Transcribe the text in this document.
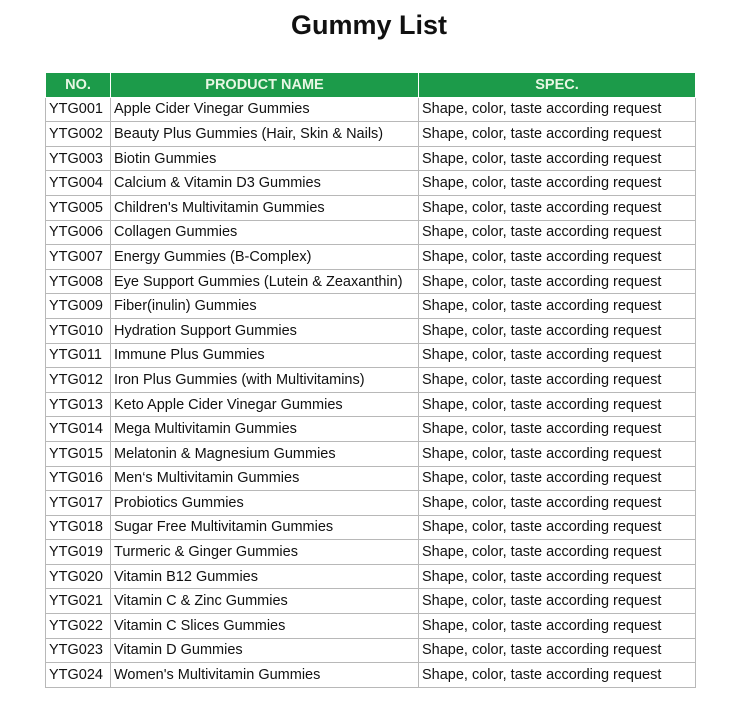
Gummy List
NO.	PRODUCT NAME	SPEC.
YTG001	Apple Cider Vinegar Gummies	Shape, color, taste according request
YTG002	Beauty Plus Gummies (Hair, Skin & Nails)	Shape, color, taste according request
YTG003	Biotin Gummies	Shape, color, taste according request
YTG004	Calcium & Vitamin D3 Gummies	Shape, color, taste according request
YTG005	Children's Multivitamin Gummies	Shape, color, taste according request
YTG006	Collagen Gummies	Shape, color, taste according request
YTG007	Energy Gummies (B-Complex)	Shape, color, taste according request
YTG008	Eye Support Gummies (Lutein & Zeaxanthin)	Shape, color, taste according request
YTG009	Fiber(inulin) Gummies	Shape, color, taste according request
YTG010	Hydration Support Gummies	Shape, color, taste according request
YTG011	Immune Plus Gummies	Shape, color, taste according request
YTG012	Iron Plus Gummies (with Multivitamins)	Shape, color, taste according request
YTG013	Keto Apple Cider Vinegar Gummies	Shape, color, taste according request
YTG014	Mega Multivitamin Gummies	Shape, color, taste according request
YTG015	Melatonin & Magnesium Gummies	Shape, color, taste according request
YTG016	Men‘s Multivitamin Gummies	Shape, color, taste according request
YTG017	Probiotics Gummies	Shape, color, taste according request
YTG018	Sugar Free Multivitamin Gummies	Shape, color, taste according request
YTG019	Turmeric & Ginger Gummies	Shape, color, taste according request
YTG020	Vitamin B12 Gummies	Shape, color, taste according request
YTG021	Vitamin C & Zinc Gummies	Shape, color, taste according request
YTG022	Vitamin C Slices Gummies	Shape, color, taste according request
YTG023	Vitamin D Gummies	Shape, color, taste according request
YTG024	Women's Multivitamin Gummies	Shape, color, taste according request
